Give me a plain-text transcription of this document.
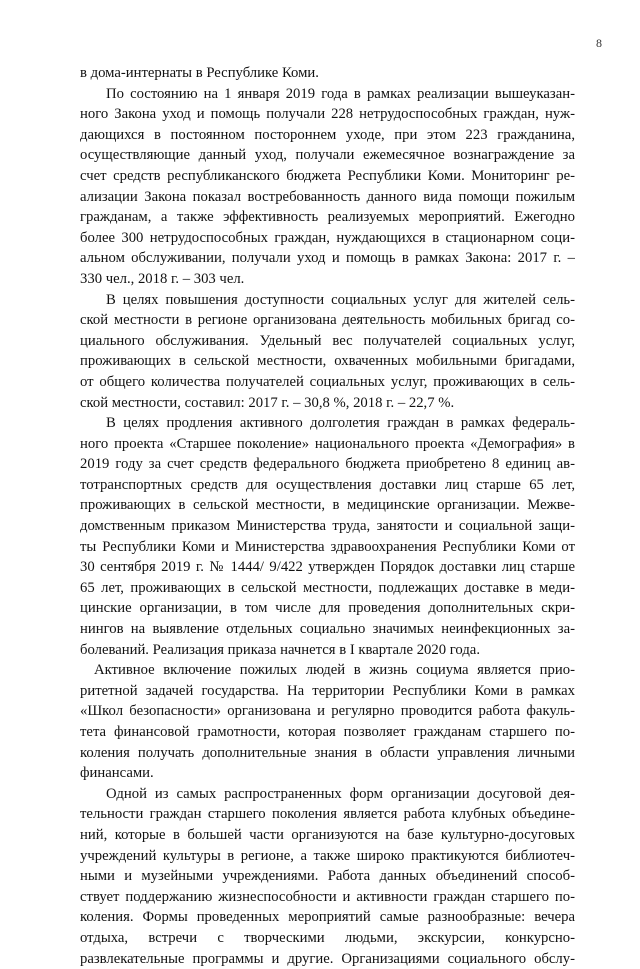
8
в дома-интернаты в Республике Коми.
По состоянию на 1 января 2019 года в рамках реализации вышеуказан-
ного Закона уход и помощь получали 228 нетрудоспособных граждан, нуж-
дающихся в постоянном постороннем уходе, при этом 223 гражданина,
осуществляющие данный уход, получали ежемесячное вознаграждение за
счет средств республиканского бюджета Республики Коми. Мониторинг ре-
ализации Закона показал востребованность данного вида помощи пожилым
гражданам, а также эффективность реализуемых мероприятий. Ежегодно
более 300 нетрудоспособных граждан, нуждающихся в стационарном соци-
альном обслуживании, получали уход и помощь в рамках Закона: 2017 г. –
330 чел., 2018 г. – 303 чел.
В целях повышения доступности социальных услуг для жителей сель-
ской местности в регионе организована деятельность мобильных бригад со-
циального обслуживания. Удельный вес получателей социальных услуг,
проживающих в сельской местности, охваченных мобильными бригадами,
от общего количества получателей социальных услуг, проживающих в сель-
ской местности, составил: 2017 г. – 30,8 %, 2018 г. – 22,7 %.
В целях продления активного долголетия граждан в рамках федераль-
ного проекта «Старшее поколение» национального проекта «Демография» в
2019 году за счет средств федерального бюджета приобретено 8 единиц ав-
тотранспортных средств для осуществления доставки лиц старше 65 лет,
проживающих в сельской местности, в медицинские организации. Межве-
домственным приказом Министерства труда, занятости и социальной защи-
ты Республики Коми и Министерства здравоохранения Республики Коми от
30 сентября 2019 г. № 1444/ 9/422 утвержден Порядок доставки лиц старше
65 лет, проживающих в сельской местности, подлежащих доставке в меди-
цинские организации, в том числе для проведения дополнительных скри-
нингов на выявление отдельных социально значимых неинфекционных за-
болеваний. Реализация приказа начнется в I квартале 2020 года.
Активное включение пожилых людей в жизнь социума является прио-
ритетной задачей государства. На территории Республики Коми в рамках
«Школ безопасности» организована и регулярно проводится работа факуль-
тета финансовой грамотности, которая позволяет гражданам старшего по-
коления получать дополнительные знания в области управления личными
финансами.
Одной из самых распространенных форм организации досуговой дея-
тельности граждан старшего поколения является работа клубных объедине-
ний, которые в большей части организуются на базе культурно-досуговых
учреждений культуры в регионе, а также широко практикуются библиотеч-
ными и музейными учреждениями. Работа данных объединений способ-
ствует поддержанию жизнеспособности и активности граждан старшего по-
коления. Формы проведенных мероприятий самые разнообразные: вечера
отдыха, встречи с творческими людьми, экскурсии, конкурсно-
развлекательные программы и другие. Организациями социального обслу-
